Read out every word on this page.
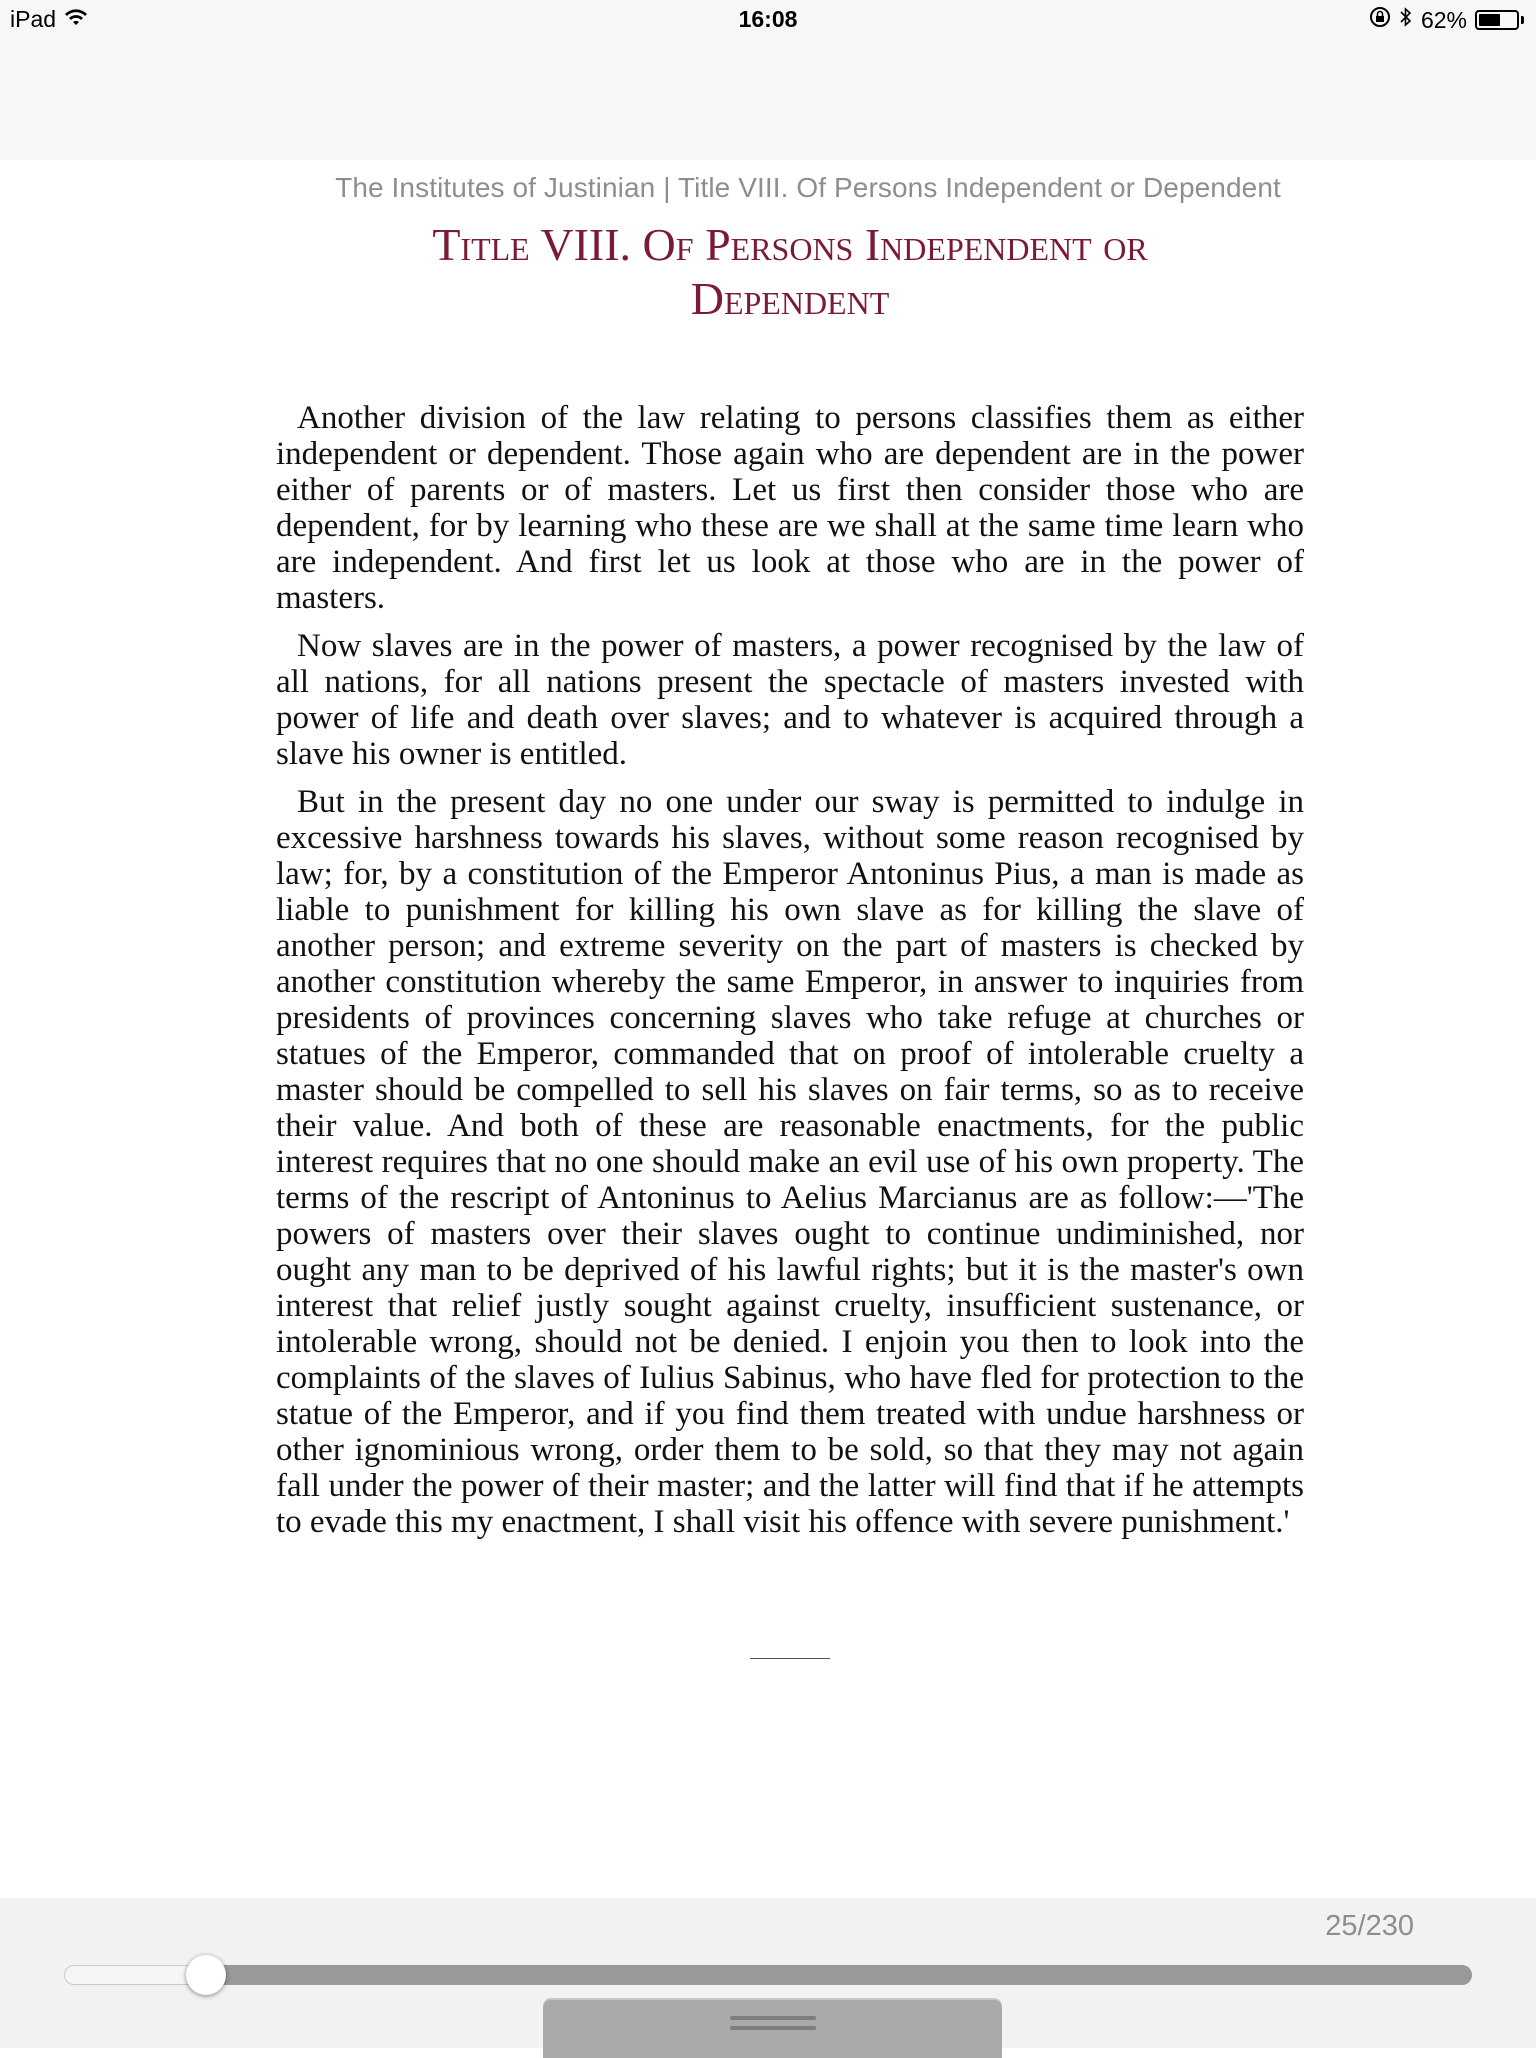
iPad	16:08	62%
The Institutes of Justinian | Title VIII. Of Persons Independent or Dependent
Title VIII. Of Persons Independent or Dependent

Another division of the law relating to persons classifies them as either independent or dependent. Those again who are dependent are in the power either of parents or of masters. Let us first then consider those who are dependent, for by learning who these are we shall at the same time learn who are independent. And first let us look at those who are in the power of masters.

Now slaves are in the power of masters, a power recognised by the law of all nations, for all nations present the spectacle of masters invested with power of life and death over slaves; and to whatever is acquired through a slave his owner is entitled.

But in the present day no one under our sway is permitted to indulge in excessive harshness towards his slaves, without some reason recognised by law; for, by a constitution of the Emperor Antoninus Pius, a man is made as liable to punishment for killing his own slave as for killing the slave of another person; and extreme severity on the part of masters is checked by another constitution whereby the same Emperor, in answer to inquiries from presidents of provinces concerning slaves who take refuge at churches or statues of the Emperor, commanded that on proof of intolerable cruelty a master should be compelled to sell his slaves on fair terms, so as to receive their value. And both of these are reasonable enactments, for the public interest requires that no one should make an evil use of his own property. The terms of the rescript of Antoninus to Aelius Marcianus are as follow:—'The powers of masters over their slaves ought to continue undiminished, nor ought any man to be deprived of his lawful rights; but it is the master's own interest that relief justly sought against cruelty, insufficient sustenance, or intolerable wrong, should not be denied. I enjoin you then to look into the complaints of the slaves of Iulius Sabinus, who have fled for protection to the statue of the Emperor, and if you find them treated with undue harshness or other ignominious wrong, order them to be sold, so that they may not again fall under the power of their master; and the latter will find that if he attempts to evade this my enactment, I shall visit his offence with severe punishment.'

25/230
